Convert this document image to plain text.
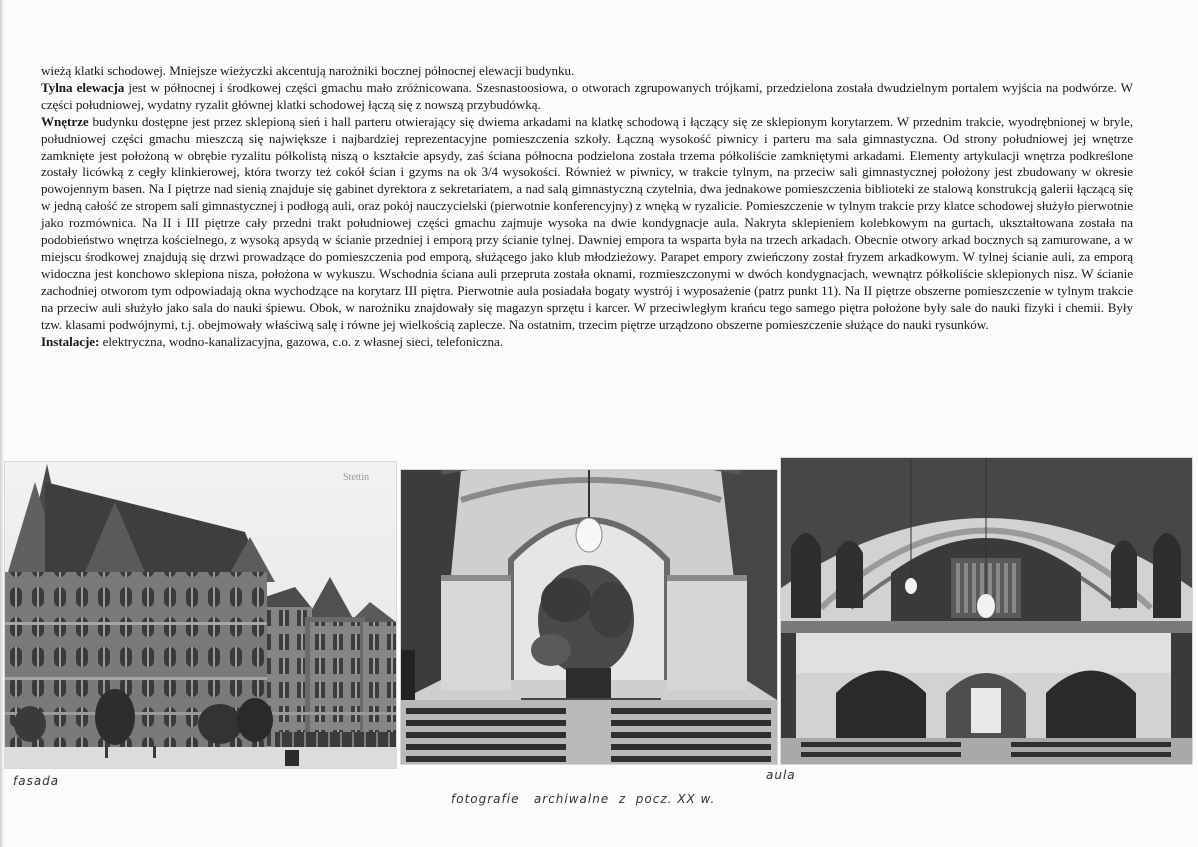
wieżą klatki schodowej. Mniejsze wieżyczki akcentują narożniki bocznej północnej elewacji budynku.

Tylna elewacja jest w północnej i środkowej części gmachu mało zróżnicowana. Szesnastoosiowa, o otworach zgrupowanych trójkami, przedzielona została dwudzielnym portalem wyjścia na podwórze. W części południowej, wydatny ryzalit głównej klatki schodowej łączą się z nowszą przybudówką.

Wnętrze budynku dostępne jest przez sklepioną sień i hall parteru otwierający się dwiema arkadami na klatkę schodową i łączący się ze sklepionym korytarzem. W przednim trakcie, wyodrębnionej w bryle, południowej części gmachu mieszczą się największe i najbardziej reprezentacyjne pomieszczenia szkoły. Łączną wysokość piwnicy i parteru ma sala gimnastyczna. Od strony południowej jej wnętrze zamknięte jest położoną w obrębie ryzalitu półkolistą niszą o kształcie apsydy, zaś ściana północna podzielona została trzema półkoliście zamkniętymi arkadami. Elementy artykulacji wnętrza podkreślone zostały licówką z cegły klinkierowej, która tworzy też cokół ścian i gzyms na ok 3/4 wysokości. Również w piwnicy, w trakcie tylnym, na przeciw sali gimnastycznej położony jest zbudowany w okresie powojennym basen. Na I piętrze nad sienią znajduje się gabinet dyrektora z sekretariatem, a nad salą gimnastyczną czytelnia, dwa jednakowe pomieszczenia biblioteki ze stalową konstrukcją galerii łączącą się w jedną całość ze stropem sali gimnastycznej i podłogą auli, oraz pokój nauczycielski (pierwotnie konferencyjny) z wnęką w ryzalicie. Pomieszczenie w tylnym trakcie przy klatce schodowej służyło pierwotnie jako rozmównica. Na II i III piętrze cały przedni trakt południowej części gmachu zajmuje wysoka na dwie kondygnacje aula. Nakryta sklepieniem kolebkowym na gurtach, ukształtowana została na podobieństwo wnętrza kościelnego, z wysoką apsydą w ścianie przedniej i emporą przy ścianie tylnej. Dawniej empora ta wsparta była na trzech arkadach. Obecnie otwory arkad bocznych są zamurowane, a w miejscu środkowej znajdują się drzwi prowadzące do pomieszczenia pod emporą, służącego jako klub młodzieżowy. Parapet empory zwieńczony został fryzem arkadkowym. W tylnej ścianie auli, za emporą widoczna jest konchowo sklepiona nisza, położona w wykuszu. Wschodnia ściana auli przepruta została oknami, rozmieszczonymi w dwóch kondygnacjach, wewnątrz półkoliście sklepionych nisz. W ścianie zachodniej otworom tym odpowiadają okna wychodzące na korytarz III piętra. Pierwotnie aula posiadała bogaty wystrój i wyposażenie (patrz punkt 11). Na II piętrze obszerne pomieszczenie w tylnym trakcie na przeciw auli służyło jako sala do nauki śpiewu. Obok, w narożniku znajdowały się magazyn sprzętu i karcer. W przeciwległym krańcu tego samego piętra położone były sale do nauki fizyki i chemii. Były tzw. klasami podwójnymi, t.j. obejmowały właściwą salę i równe jej wielkością zaplecze. Na ostatnim, trzecim piętrze urządzono obszerne pomieszczenie służące do nauki rysunków.

Instalacje: elektryczna, wodno-kanalizacyjna, gazowa, c.o. z własnej sieci, telefoniczna.

Stettin
fasada	aula
fotografie   archiwalne  z  pocz. XX w.
